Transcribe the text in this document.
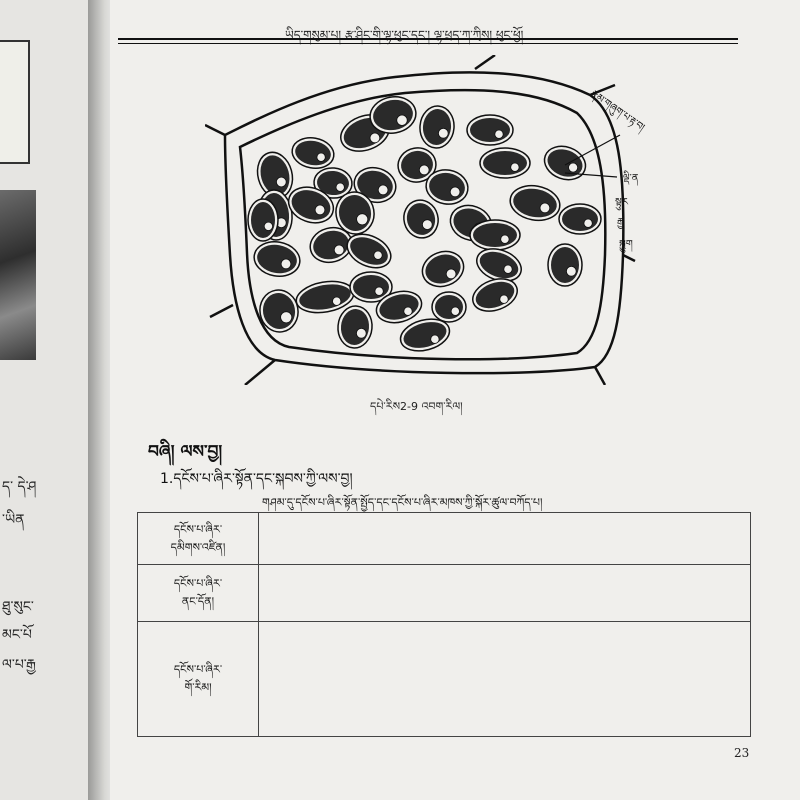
ད་ དེ་ཤ
་ཡིན
ཐུ་སུང་
མང་པོ
ལ་པ་རྒྱ
ཡིད་གསུམ་པ། རྩ་ཤིང་གི་ལྷ་ཕུང་དང་། ལྷ་ཕྲད་ཀ་ཀྲིས། ཕུང་ཕྱོ།
རྣམ་གཞུག་པ་རྟ་བ།
ལྡི་ན
སྟུར
རྒྱ
སྐྱུག
དཔེ་རིས2-9 འབག་རིལ།
བཞི། ལས་བྱ།
1.དངོས་པ་ཞིར་སྟོན་དང་སྐབས་ཀྱི་ལས་བྱ།
གཤམ་དུ་དངོས་པ་ཞིར་སྟོན་སྤྱོད་དང་དངོས་པ་ཞིར་མཁས་ཀྱི་སྐོར་ཚུལ་བཀོད་པ།
དངོས་པ་ཞིར་
དམིགས་འཛིན།	

དངོས་པ་ཞིར་
ནང་དོན།	

དངོས་པ་ཞིར་
གོ་རིམ།	

23
